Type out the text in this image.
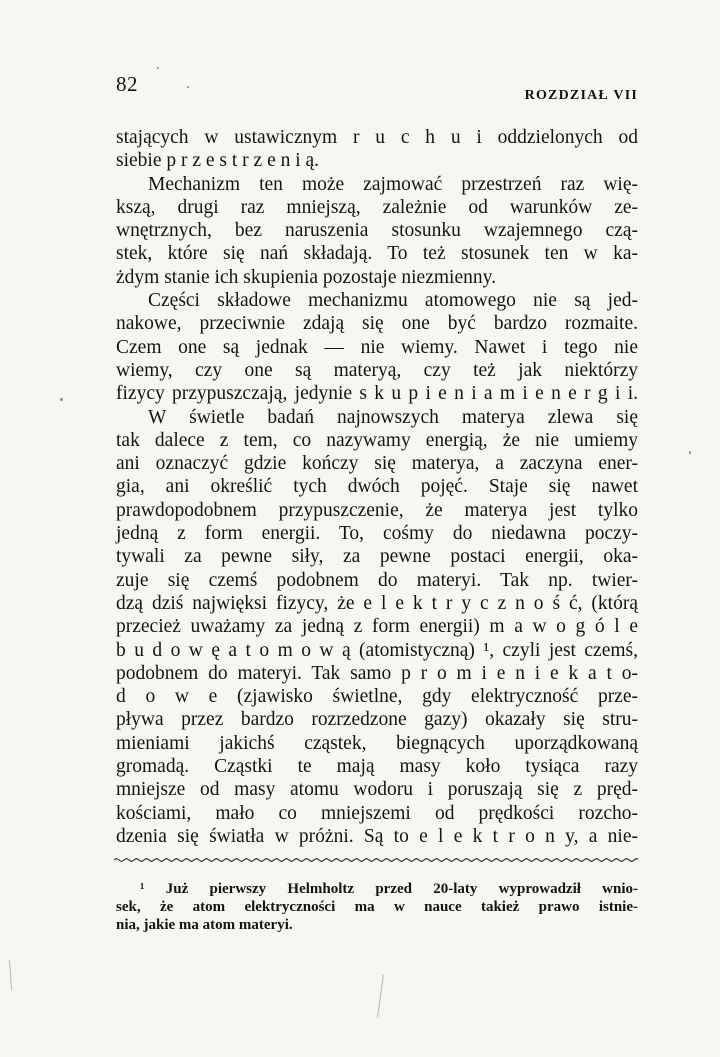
82	ROZDZIAŁ VII
stających w ustawicznym r u c h u i oddzielonych od
siebie p r z e s t r z e n i ą.
Mechanizm ten może zajmować przestrzeń raz wię-
kszą, drugi raz mniejszą, zależnie od warunków ze-
wnętrznych, bez naruszenia stosunku wzajemnego czą-
stek, które się nań składają. To też stosunek ten w ka-
żdym stanie ich skupienia pozostaje niezmienny.
Części składowe mechanizmu atomowego nie są jed-
nakowe, przeciwnie zdają się one być bardzo rozmaite.
Czem one są jednak — nie wiemy. Nawet i tego nie
wiemy, czy one są materyą, czy też jak niektórzy
fizycy przypuszczają, jedynie s k u p i e n i a m i e n e r g i i.
W świetle badań najnowszych materya zlewa się
tak dalece z tem, co nazywamy energią, że nie umiemy
ani oznaczyć gdzie kończy się materya, a zaczyna ener-
gia, ani określić tych dwóch pojęć. Staje się nawet
prawdopodobnem przypuszczenie, że materya jest tylko
jedną z form energii. To, cośmy do niedawna poczy-
tywali za pewne siły, za pewne postaci energii, oka-
zuje się czemś podobnem do materyi. Tak np. twier-
dzą dziś najwięksi fizycy, że e l e k t r y c z n o ś ć, (którą
przecież uważamy za jedną z form energii) m a w o g ó l e
b u d o w ę a t o m o w ą (atomistyczną) ¹, czyli jest czemś,
podobnem do materyi. Tak samo p r o m i e n i e k a t o-
d o w e (zjawisko świetlne, gdy elektryczność prze-
pływa przez bardzo rozrzedzone gazy) okazały się stru-
mieniami jakichś cząstek, biegnących uporządkowaną
gromadą. Cząstki te mają masy koło tysiąca razy
mniejsze od masy atomu wodoru i poruszają się z pręd-
kościami, mało co mniejszemi od prędkości rozcho-
dzenia się światła w próżni. Są to e l e k t r o n y, a nie-
¹ Już pierwszy Helmholtz przed 20-laty wyprowadził wnio-
sek, że atom elektryczności ma w nauce takież prawo istnie-
nia, jakie ma atom materyi.
